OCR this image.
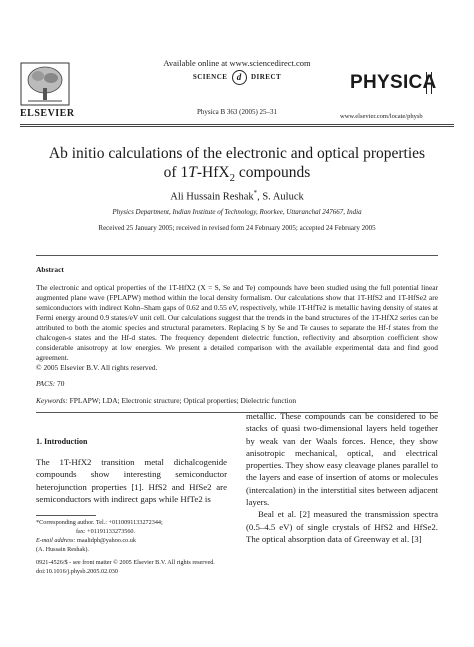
ELSEVIER
Available online at www.sciencedirect.com
SCIENCE d DIRECT
Physica B 363 (2005) 25–31
PHYSICA
www.elsevier.com/locate/physb
Ab initio calculations of the electronic and optical properties
of 1T-HfX$_2$ compounds
Ali Hussain Reshak*, S. Auluck
Physics Department, Indian Institute of Technology, Roorkee, Uttaranchal 247667, India
Received 25 January 2005; received in revised form 24 February 2005; accepted 24 February 2005
Abstract
The electronic and optical properties of the 1T-HfX2 (X = S, Se and Te) compounds have been studied using the full potential linear augmented plane wave (FPLAPW) method within the local density formalism. Our calculations show that 1T-HfS2 and 1T-HfSe2 are semiconductors with indirect Kohn–Sham gaps of 0.62 and 0.55 eV, respectively, while 1T-HfTe2 is metallic having density of states at Fermi energy around 0.9 states/eV unit cell. Our calculations suggest that the trends in the band structures of the 1T-HfX2 series can be attributed to both the atomic species and structural parameters. Replacing S by Se and Te causes to separate the Hf-f states from the chalcogen-s states and the Hf-d states. The frequency dependent dielectric function, reflectivity and absorption coefficient show considerable anisotropy at low energies. We present a detailed comparison with the available experimental data and find good agreement.
© 2005 Elsevier B.V. All rights reserved.
PACS: 70
Keywords: FPLAPW; LDA; Electronic structure; Optical properties; Dielectric function
1. Introduction
The 1T-HfX2 transition metal dichalcogenide compounds show interesting semiconductor heterojunction properties [1]. HfS2 and HfSe2 are semiconductors with indirect gaps while HfTe2 is
metallic. These compounds can be considered to be stacks of quasi two-dimensional layers held together by weak van der Waals forces. Hence, they show anisotropic mechanical, optical, and electrical properties. They show easy cleavage planes parallel to the layers and ease of insertion of atoms or molecules (intercalation) in the interstitial sites between adjacent layers.
Beal et al. [2] measured the transmission spectra (0.5–4.5 eV) of single crystals of HfS2 and HfSe2. The optical absorption data of Greenway et al. [3]
*Corresponding author. Tel.: +0110091133272344;
fax: +01191133273560.
E-mail address: maalidph@yahoo.co.uk
(A. Hussain Reshak).
0921-4526/$ - see front matter © 2005 Elsevier B.V. All rights reserved.
doi:10.1016/j.physb.2005.02.030
